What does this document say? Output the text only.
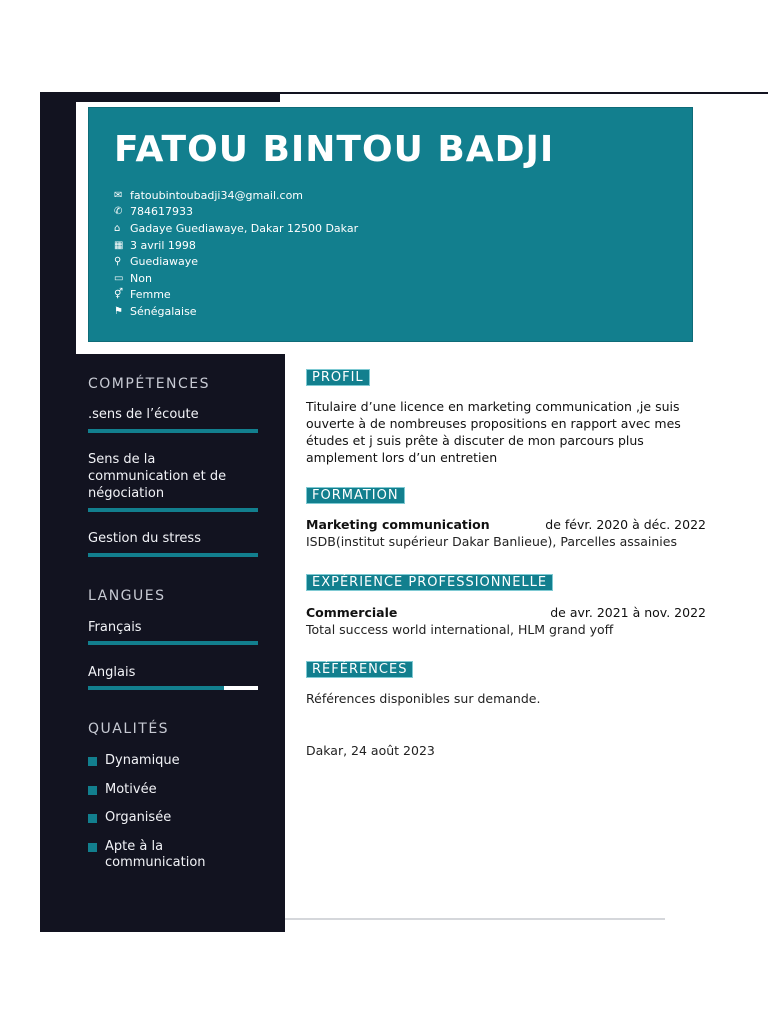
FATOU BINTOU BADJI
✉ fatoubintoubadji34@gmail.com
✆ 784617933
⌂ Gadaye Guediawaye, Dakar 12500 Dakar
▦ 3 avril 1998
⚲ Guediawaye
▭ Non
⚥ Femme
⚑ Sénégalaise
COMPÉTENCES
.sens de l’écoute
Sens de la communication et de négociation
Gestion du stress
LANGUES
Français
Anglais
QUALITÉS
Dynamique
Motivée
Organisée
Apte à la communication
PROFIL

Titulaire d’une licence en marketing communication ,je suis ouverte à de nombreuses propositions en rapport avec mes études et j suis prête à discuter de mon parcours plus amplement lors d’un entretien

FORMATION
Marketing communication	de févr. 2020 à déc. 2022
ISDB(institut supérieur Dakar Banlieue), Parcelles assainies
EXPÉRIENCE PROFESSIONNELLE
Commerciale	de avr. 2021 à nov. 2022
Total success world international, HLM grand yoff
RÉFÉRENCES
Références disponibles sur demande.
Dakar, 24 août 2023
